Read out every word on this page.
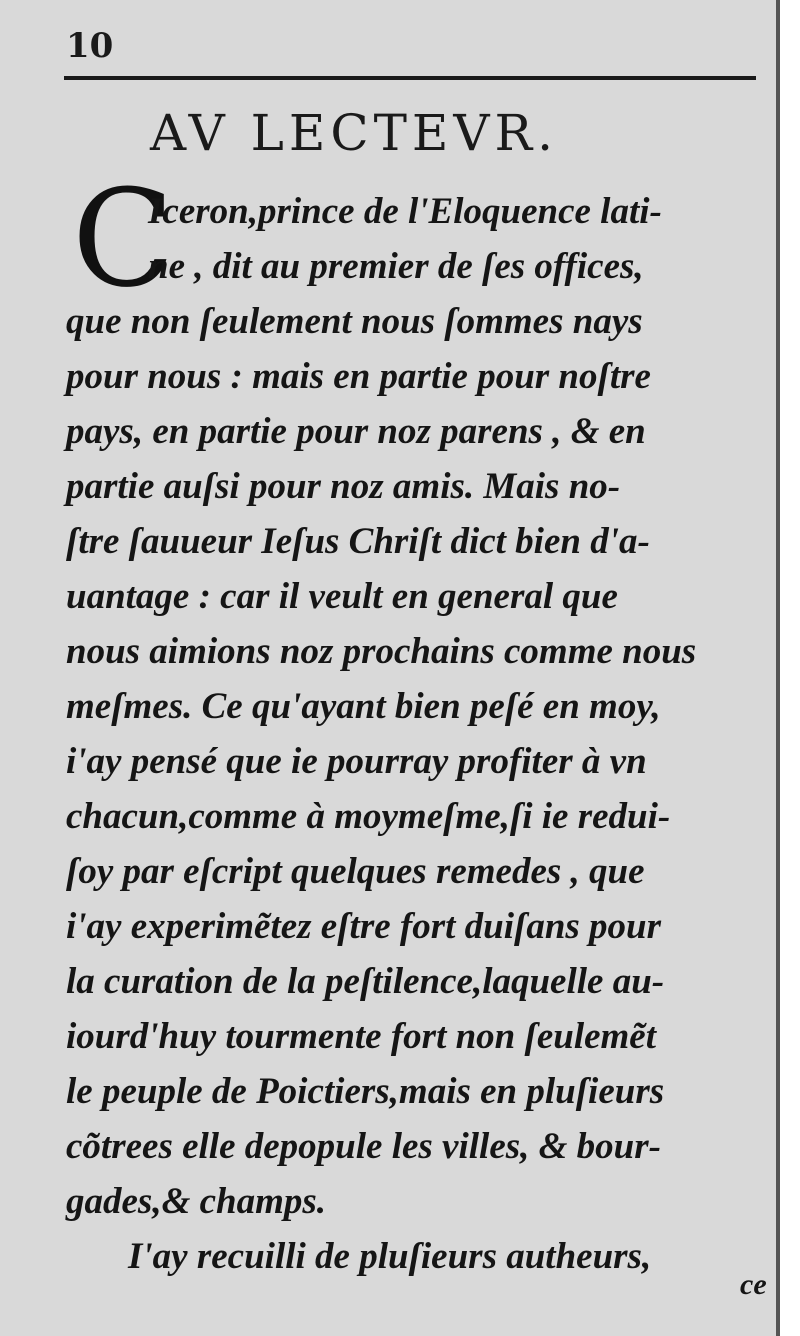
10
AV LECTEVR.
C
Iceron,prince de l'Eloquence lati-
ne , dit au premier de ſes offices,
que non ſeulement nous ſommes nays
pour nous : mais en partie pour noſtre
pays, en partie pour noz parens , & en
partie auſsi pour noz amis. Mais no-
ſtre ſauueur Ieſus Chriſt dict bien d'a-
uantage : car il veult en general que
nous aimions noz prochains comme nous
meſmes. Ce qu'ayant bien peſé en moy,
i'ay pensé que ie pourray profiter à vn
chacun,comme à moymeſme,ſi ie redui-
ſoy par eſcript quelques remedes , que
i'ay experimẽtez eſtre fort duiſans pour
la curation de la peſtilence,laquelle au-
iourd'huy tourmente fort non ſeulemẽt
le peuple de Poictiers,mais en pluſieurs
cõtrees elle depopule les villes, & bour-
gades,& champs.
I'ay recuilli de pluſieurs autheurs,
ce
